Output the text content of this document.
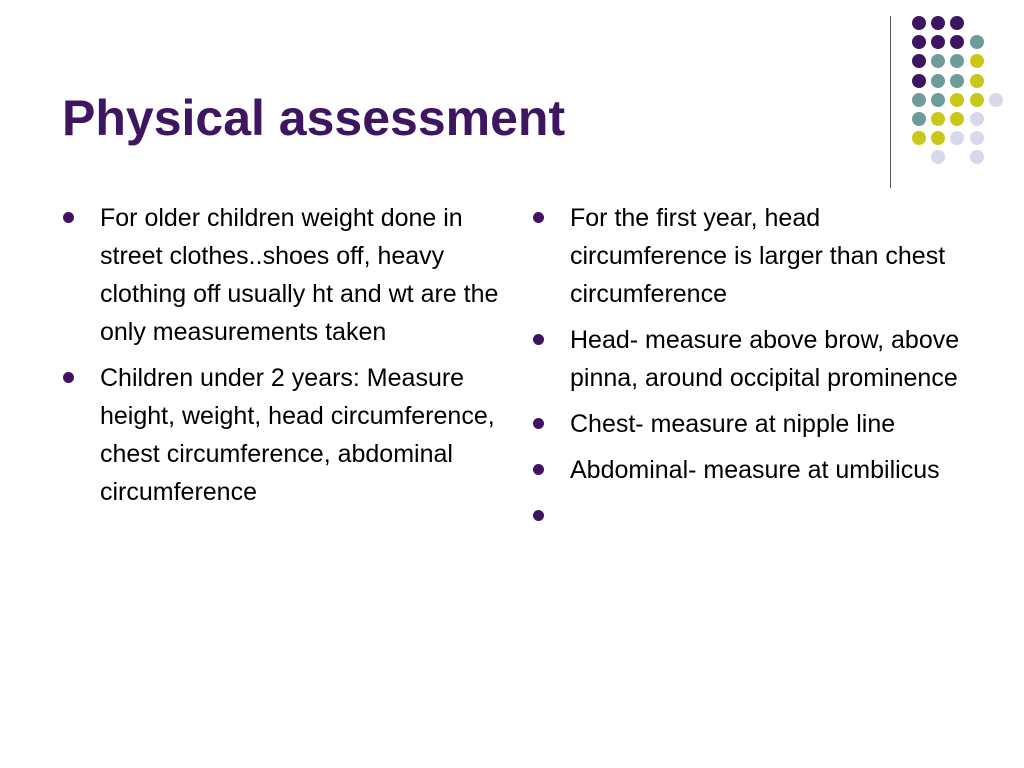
Physical assessment
For older children weight done in street clothes..shoes off, heavy clothing off usually ht and wt are the only measurements taken
Children under 2 years: Measure height, weight, head circumference, chest circumference, abdominal circumference
For the first year, head circumference is larger than chest circumference
Head- measure above brow, above pinna, around occipital prominence
Chest- measure at nipple line
Abdominal- measure at umbilicus
